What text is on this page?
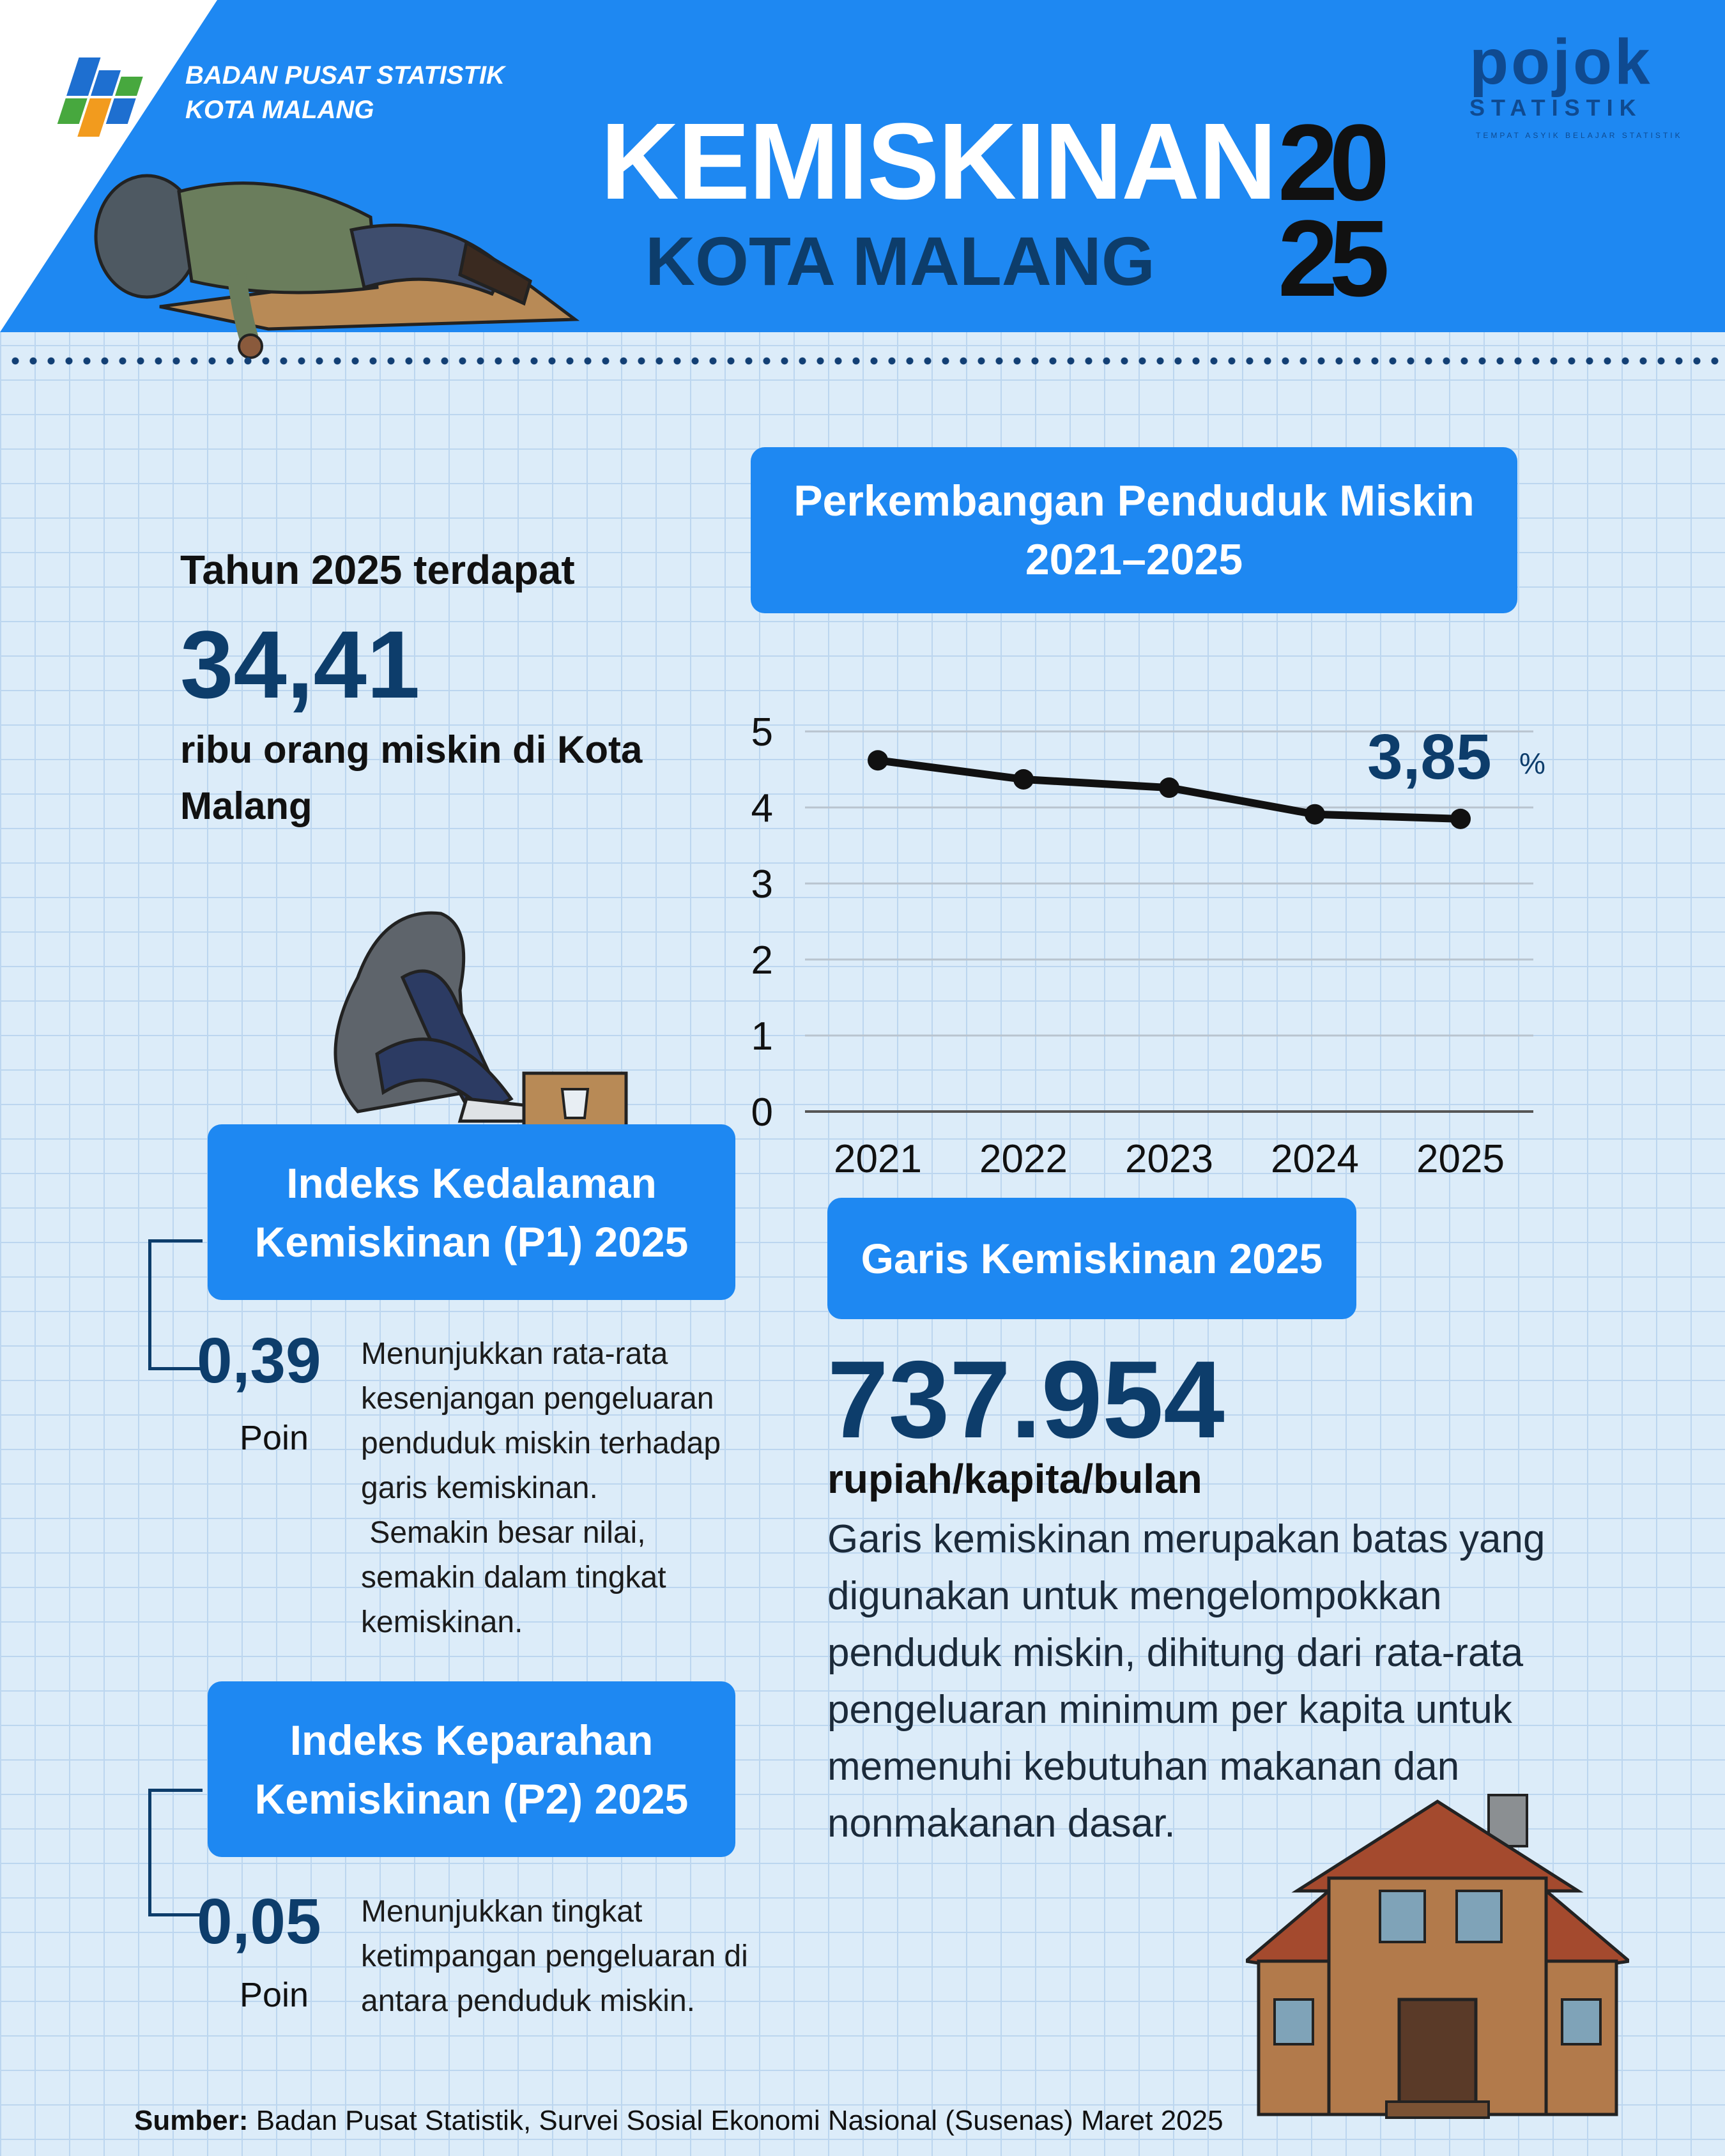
BADAN PUSAT STATISTIK
KOTA MALANG KEMISKINAN
KOTA MALANG
20
25
pojok
STATISTIK
TEMPAT ASYIK BELAJAR STATISTIK
Tahun 2025 terdapat
34,41
ribu orang miskin di Kota Malang
Perkembangan Penduduk Miskin
2021–2025
0
1
2
3
4
5
2021 2022 2023 2024 2025
3,85 %
Indeks Kedalaman
Kemiskinan (P1) 2025
0,39
Poin
Menunjukkan rata-rata
kesenjangan pengeluaran
penduduk miskin terhadap
garis kemiskinan.
Semakin besar nilai,
semakin dalam tingkat
kemiskinan.
Indeks Keparahan
Kemiskinan (P2) 2025
0,05
Poin
Menunjukkan tingkat
ketimpangan pengeluaran di
antara penduduk miskin.
Garis Kemiskinan 2025
737.954
rupiah/kapita/bulan
Garis kemiskinan merupakan batas yang
digunakan untuk mengelompokkan
penduduk miskin, dihitung dari rata-rata
pengeluaran minimum per kapita untuk
memenuhi kebutuhan makanan dan
nonmakanan dasar.
Sumber: Badan Pusat Statistik, Survei Sosial Ekonomi Nasional (Susenas) Maret 2025
